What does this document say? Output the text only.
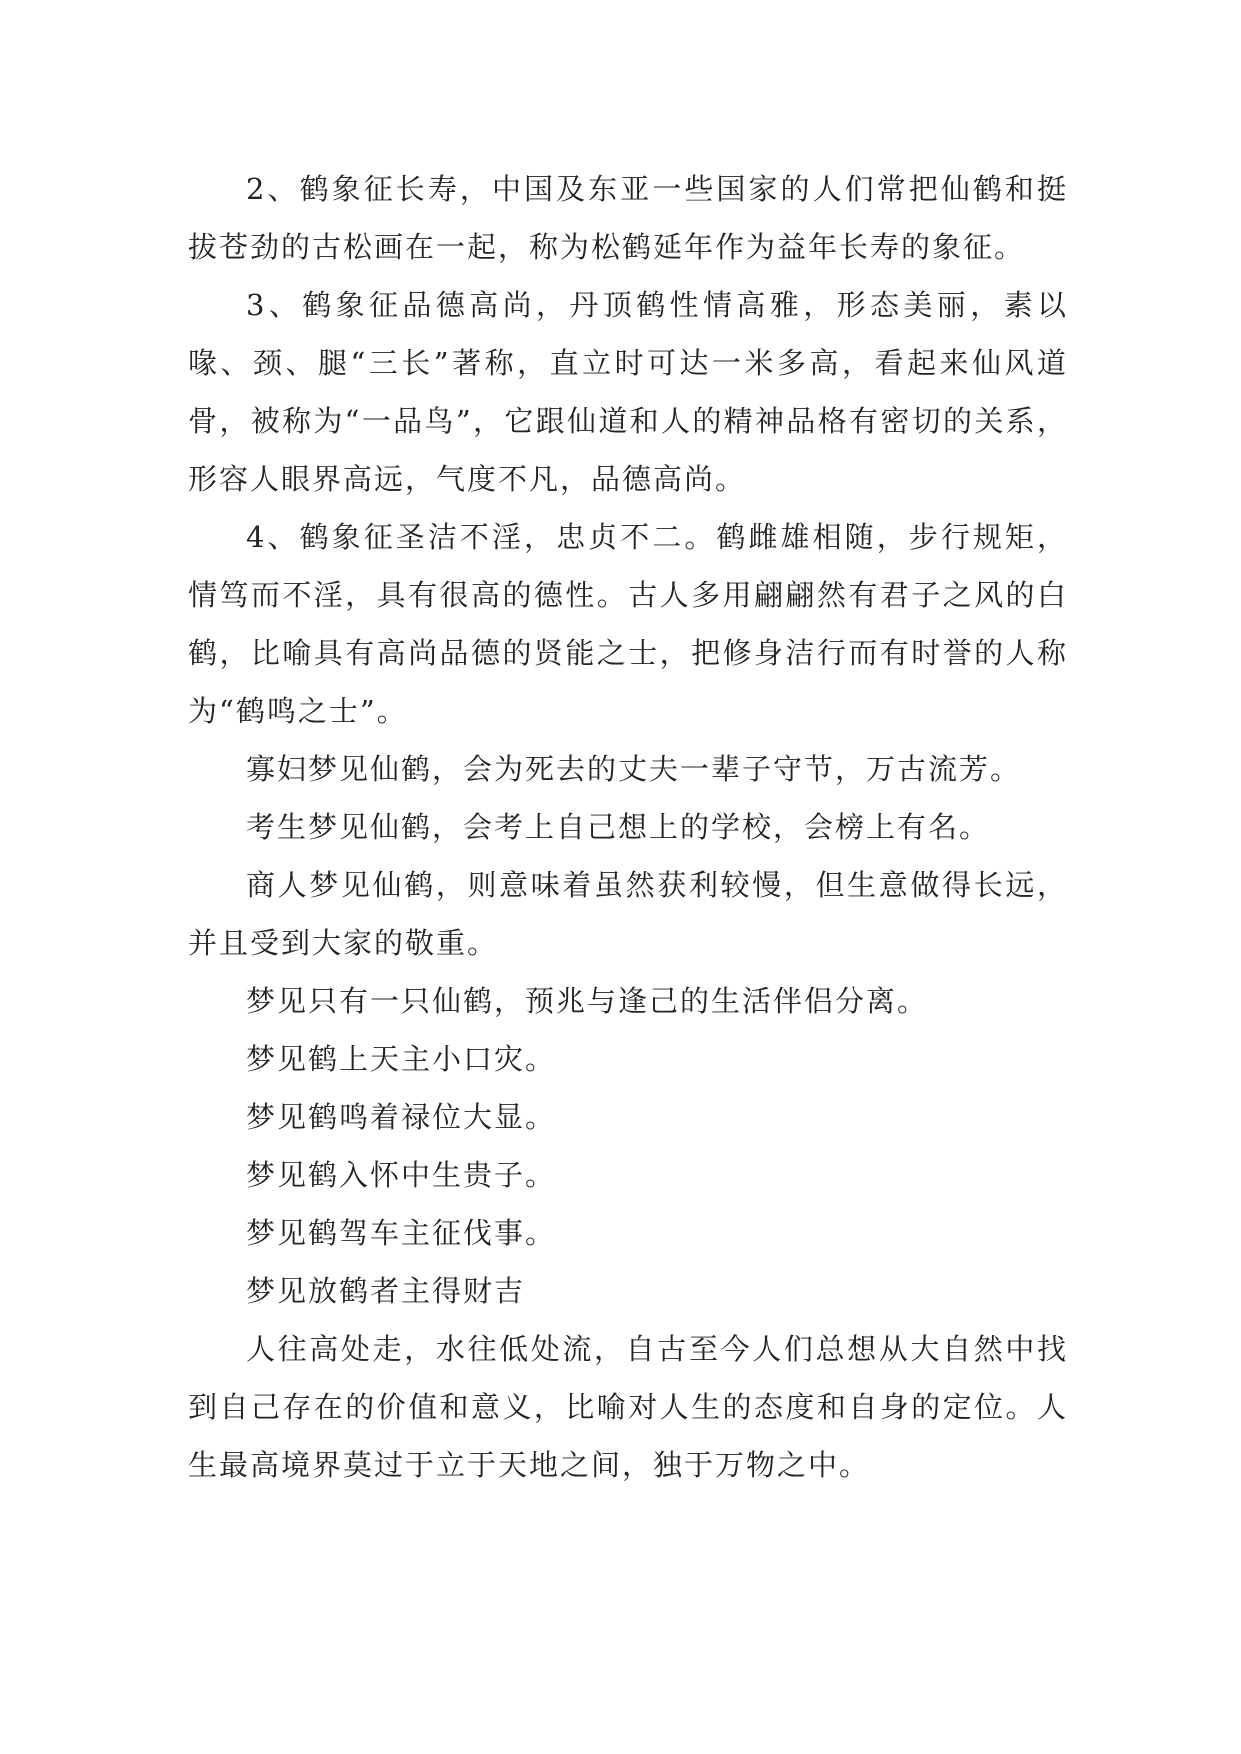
2、鹤象征长寿，中国及东亚一些国家的人们常把仙鹤和挺拔苍劲的古松画在一起，称为松鹤延年作为益年长寿的象征。

3、鹤象征品德高尚，丹顶鹤性情高雅，形态美丽，素以喙、颈、腿“三长”著称，直立时可达一米多高，看起来仙风道骨，被称为“一品鸟”，它跟仙道和人的精神品格有密切的关系，形容人眼界高远，气度不凡，品德高尚。

4、鹤象征圣洁不淫，忠贞不二。鹤雌雄相随，步行规矩，情笃而不淫，具有很高的德性。古人多用翩翩然有君子之风的白鹤，比喻具有高尚品德的贤能之士，把修身洁行而有时誉的人称为“鹤鸣之士”。

寡妇梦见仙鹤，会为死去的丈夫一辈子守节，万古流芳。

考生梦见仙鹤，会考上自己想上的学校，会榜上有名。

商人梦见仙鹤，则意味着虽然获利较慢，但生意做得长远，并且受到大家的敬重。

梦见只有一只仙鹤，预兆与逢己的生活伴侣分离。

梦见鹤上天主小口灾。

梦见鹤鸣着禄位大显。

梦见鹤入怀中生贵子。

梦见鹤驾车主征伐事。

梦见放鹤者主得财吉

人往高处走，水往低处流，自古至今人们总想从大自然中找到自己存在的价值和意义，比喻对人生的态度和自身的定位。人生最高境界莫过于立于天地之间，独于万物之中。
